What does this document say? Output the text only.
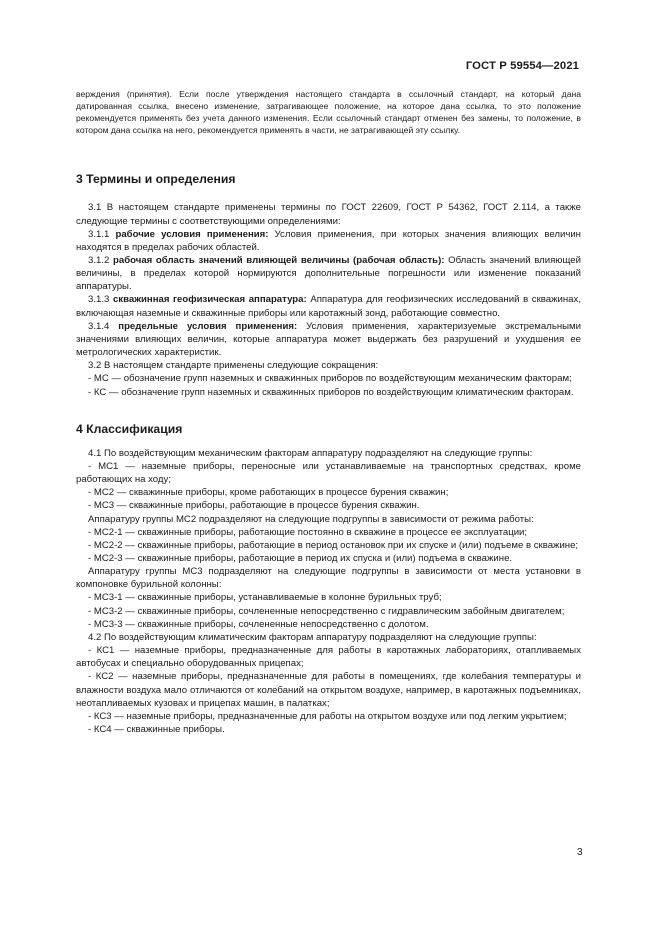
ГОСТ Р 59554—2021

верждения (принятия). Если после утверждения настоящего стандарта в ссылочный стандарт, на который дана датированная ссылка, внесено изменение, затрагивающее положение, на которое дана ссылка, то это положение рекомендуется применять без учета данного изменения. Если ссылочный стандарт отменен без замены, то положение, в котором дана ссылка на него, рекомендуется применять в части, не затрагивающей эту ссылку.

3 Термины и определения

3.1 В настоящем стандарте применены термины по ГОСТ 22609, ГОСТ Р 54362, ГОСТ 2.114, а также следующие термины с соответствующими определениями:

3.1.1 рабочие условия применения: Условия применения, при которых значения влияющих величин находятся в пределах рабочих областей.

3.1.2 рабочая область значений влияющей величины (рабочая область): Область значений влияющей величины, в пределах которой нормируются дополнительные погрешности или изменение показаний аппаратуры.

3.1.3 скважинная геофизическая аппаратура: Аппаратура для геофизических исследований в скважинах, включающая наземные и скважинные приборы или каротажный зонд, работающие совместно.

3.1.4 предельные условия применения: Условия применения, характеризуемые экстремальными значениями влияющих величин, которые аппаратура может выдержать без разрушений и ухудшения ее метрологических характеристик.

3.2 В настоящем стандарте применены следующие сокращения:

- МС — обозначение групп наземных и скважинных приборов по воздействующим механическим факторам;

- КС — обозначение групп наземных и скважинных приборов по воздействующим климатическим факторам.

4 Классификация

4.1 По воздействующим механическим факторам аппаратуру подразделяют на следующие группы:

- МС1 — наземные приборы, переносные или устанавливаемые на транспортных средствах, кроме работающих на ходу;

- МС2 — скважинные приборы, кроме работающих в процессе бурения скважин;

- МС3 — скважинные приборы, работающие в процессе бурения скважин.

Аппаратуру группы МС2 подразделяют на следующие подгруппы в зависимости от режима работы:

- МС2-1 — скважинные приборы, работающие постоянно в скважине в процессе ее эксплуатации;

- МС2-2 — скважинные приборы, работающие в период остановок при их спуске и (или) подъеме в скважине;

- МС2-3 — скважинные приборы, работающие в период их спуска и (или) подъема в скважине.

Аппаратуру группы МС3 подразделяют на следующие подгруппы в зависимости от места установки в компоновке бурильной колонны:

- МС3-1 — скважинные приборы, устанавливаемые в колонне бурильных труб;

- МС3-2 — скважинные приборы, сочлененные непосредственно с гидравлическим забойным двигателем;

- МС3-3 — скважинные приборы, сочлененные непосредственно с долотом.

4.2 По воздействующим климатическим факторам аппаратуру подразделяют на следующие группы:

- КС1 — наземные приборы, предназначенные для работы в каротажных лабораториях, отапливаемых автобусах и специально оборудованных прицепах;

- КС2 — наземные приборы, предназначенные для работы в помещениях, где колебания температуры и влажности воздуха мало отличаются от колебаний на открытом воздухе, например, в каротажных подъемниках, неотапливаемых кузовах и прицепах машин, в палатках;

- КС3 — наземные приборы, предназначенные для работы на открытом воздухе или под легким укрытием;

- КС4 — скважинные приборы.

3
